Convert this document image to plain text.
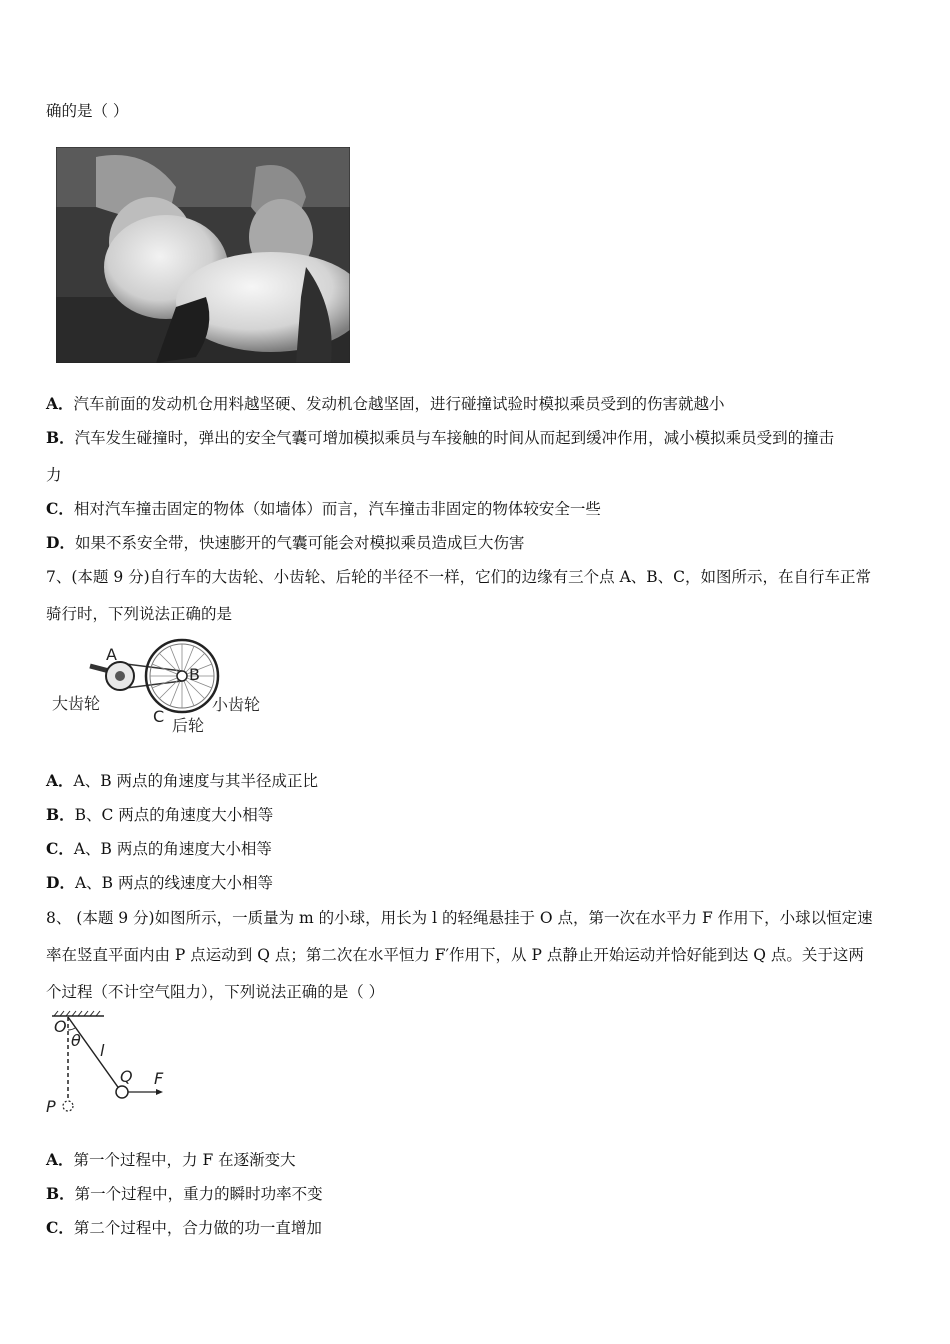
确的是（ ）
A．汽车前面的发动机仓用料越坚硬、发动机仓越坚固，进行碰撞试验时模拟乘员受到的伤害就越小
B．汽车发生碰撞时，弹出的安全气囊可增加模拟乘员与车接触的时间从而起到缓冲作用，减小模拟乘员受到的撞击
力
C．相对汽车撞击固定的物体（如墙体）而言，汽车撞击非固定的物体较安全一些
D．如果不系安全带，快速膨开的气囊可能会对模拟乘员造成巨大伤害
7、(本题 9 分)自行车的大齿轮、小齿轮、后轮的半径不一样，它们的边缘有三个点 A、B、C，如图所示，在自行车正常
骑行时，下列说法正确的是
A
B
C
大齿轮	小齿轮
后轮
A．A、B 两点的角速度与其半径成正比
B．B、C 两点的角速度大小相等
C．A、B 两点的角速度大小相等
D．A、B 两点的线速度大小相等
8、 (本题 9 分)如图所示，一质量为 m 的小球，用长为 l 的轻绳悬挂于 O 点，第一次在水平力 F 作用下，小球以恒定速
率在竖直平面内由 P 点运动到 Q 点；第二次在水平恒力 F′作用下，从 P 点静止开始运动并恰好能到达 Q 点。关于这两
个过程（不计空气阻力），下列说法正确的是（ ）
O
θ
l
Q F
P
A．第一个过程中，力 F 在逐渐变大
B．第一个过程中，重力的瞬时功率不变
C．第二个过程中，合力做的功一直增加
